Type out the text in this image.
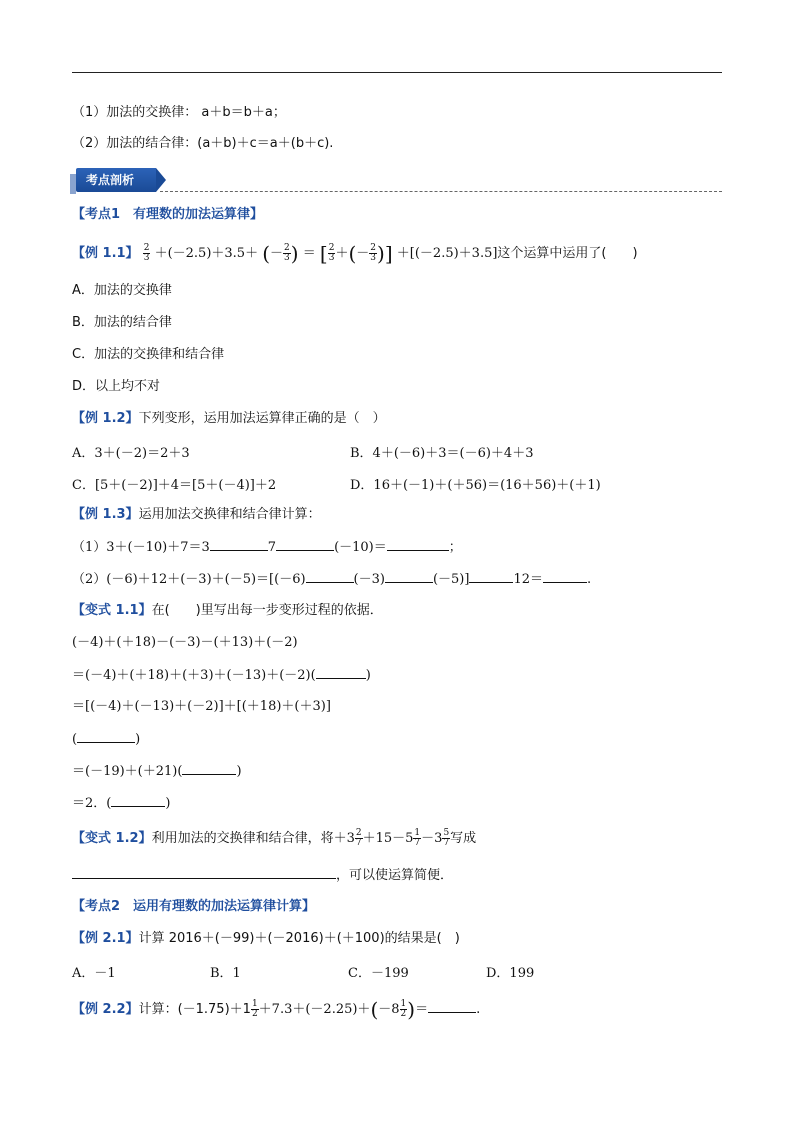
（1）加法的交换律： a＋b＝b＋a；
（2）加法的结合律：(a＋b)＋c＝a＋(b＋c).
考点剖析
【考点1　有理数的加法运算律】
【例 1.1】 $\frac{2}{3} +(-2.5)+3.5+$ (－ $\frac{2}{3}$ ) ＝ [ $\frac{2}{3}$ ＋(－ $\frac{2}{3}$ )] ＋[(－2.5)＋3.5]这个运算中运用了(　　)
A．加法的交换律
B．加法的结合律
C．加法的交换律和结合律
D．以上均不对
【例 1.2】下列变形，运用加法运算律正确的是（　）
A．3＋(－2)＝2＋3	B．4＋(－6)＋3＝(－6)＋4＋3
C．[5＋(－2)]＋4＝[5＋(－4)]＋2	D．16＋(－1)＋(＋56)＝(16＋56)＋(＋1)
【例 1.3】运用加法交换律和结合律计算：
（1）3＋(－10)＋7＝3	7	(－10)＝	；
（2）(－6)＋12＋(－3)＋(－5)＝[(－6)	(－3)	(－5)]	12＝	.
【变式 1.1】在(　　)里写出每一步变形过程的依据．
(－4)＋(＋18)－(－3)－(＋13)＋(－2)
＝(－4)＋(＋18)＋(＋3)＋(－13)＋(－2)(	)
＝[(－4)＋(－13)＋(－2)]＋[(＋18)＋(＋3)]
(	)
＝(－19)＋(＋21)(	)
＝2．(	)
【变式 1.2】利用加法的交换律和结合律，将$+3 \frac{2}{7} +15-5 \frac{1}{7} -3 \frac{5}{7}$ 写成
，可以使运算简便．
【考点2　运用有理数的加法运算律计算】
【例 2.1】计算 2016＋(－99)＋(－2016)＋(＋100)的结果是(　)
A．－1	B．1	C．－199	D．199
【例 2.2】计算：$(-1.75)+1 \frac{1}{2} +7.3+(-2.25)+(-8 \frac{1}{2}$ )＝	.
